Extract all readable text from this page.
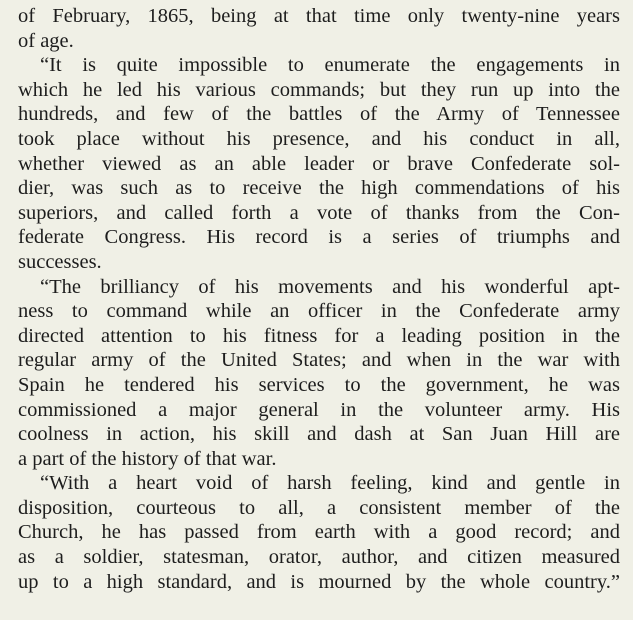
of February, 1865, being at that time only twenty-nine years
of age.
“It is quite impossible to enumerate the engagements in
which he led his various commands; but they run up into the
hundreds, and few of the battles of the Army of Tennessee
took place without his presence, and his conduct in all,
whether viewed as an able leader or brave Confederate sol-
dier, was such as to receive the high commendations of his
superiors, and called forth a vote of thanks from the Con-
federate Congress. His record is a series of triumphs and
successes.
“The brilliancy of his movements and his wonderful apt-
ness to command while an officer in the Confederate army
directed attention to his fitness for a leading position in the
regular army of the United States; and when in the war with
Spain he tendered his services to the government, he was
commissioned a major general in the volunteer army. His
coolness in action, his skill and dash at San Juan Hill are
a part of the history of that war.
“With a heart void of harsh feeling, kind and gentle in
disposition, courteous to all, a consistent member of the
Church, he has passed from earth with a good record; and
as a soldier, statesman, orator, author, and citizen measured
up to a high standard, and is mourned by the whole country.”
